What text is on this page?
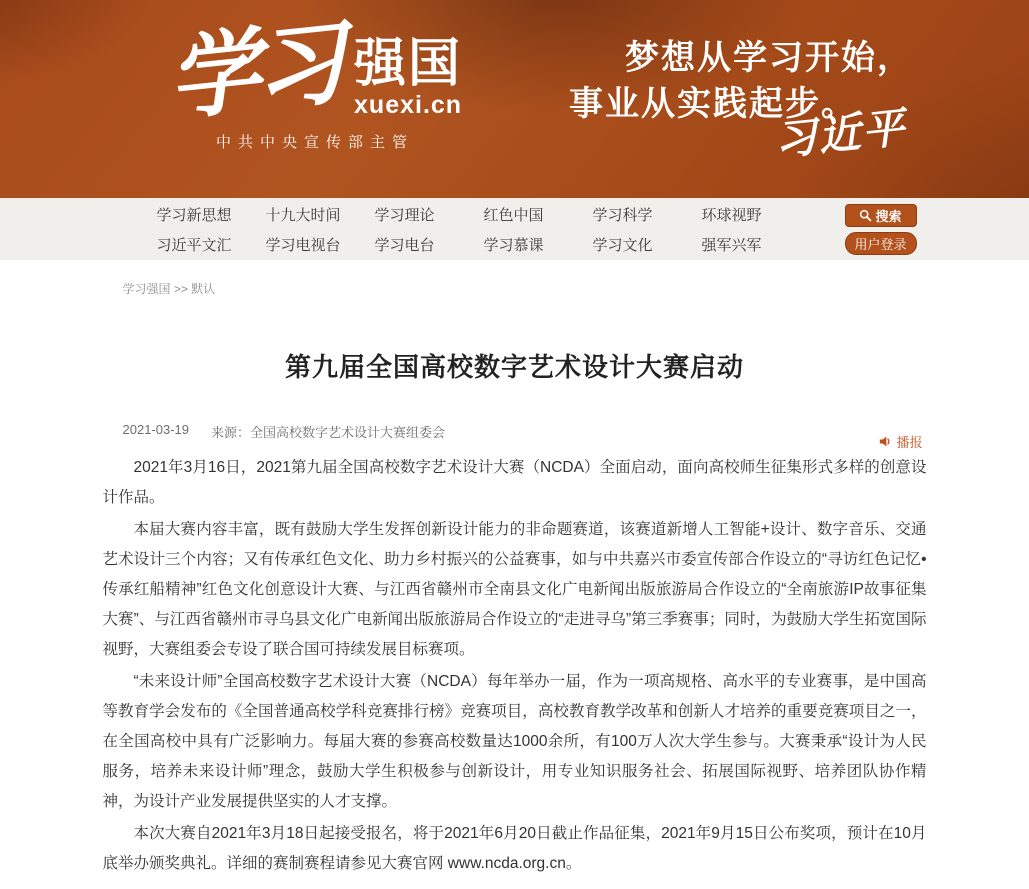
学习 强国
xuexi.cn
中共中央宣传部主管
梦想从学习开始，
事业从实践起步。
习近平
学习新思想	十九大时间	学习理论	红色中国	学习科学	环球视野
习近平文汇	学习电视台	学习电台	学习慕课	学习文化	强军兴军
搜索
用户登录
学习强国 >> 默认
第九届全国高校数字艺术设计大赛启动
2021-03-19 来源：全国高校数字艺术设计大赛组委会
播报

2021年3月16日，2021第九届全国高校数字艺术设计大赛（NCDA）全面启动，面向高校师生征集形式多样的创意设计作品。

本届大赛内容丰富，既有鼓励大学生发挥创新设计能力的非命题赛道，该赛道新增人工智能+设计、数字音乐、交通艺术设计三个内容；又有传承红色文化、助力乡村振兴的公益赛事，如与中共嘉兴市委宣传部合作设立的“寻访红色记忆•传承红船精神”红色文化创意设计大赛、与江西省赣州市全南县文化广电新闻出版旅游局合作设立的“全南旅游IP故事征集大赛”、与江西省赣州市寻乌县文化广电新闻出版旅游局合作设立的“走进寻乌”第三季赛事；同时，为鼓励大学生拓宽国际视野，大赛组委会专设了联合国可持续发展目标赛项。

“未来设计师”全国高校数字艺术设计大赛（NCDA）每年举办一届，作为一项高规格、高水平的专业赛事，是中国高等教育学会发布的《全国普通高校学科竞赛排行榜》竞赛项目，高校教育教学改革和创新人才培养的重要竞赛项目之一，在全国高校中具有广泛影响力。每届大赛的参赛高校数量达1000余所，有100万人次大学生参与。大赛秉承“设计为人民服务，培养未来设计师”理念，鼓励大学生积极参与创新设计，用专业知识服务社会、拓展国际视野、培养团队协作精神，为设计产业发展提供坚实的人才支撑。

本次大赛自2021年3月18日起接受报名，将于2021年6月20日截止作品征集，2021年9月15日公布奖项，预计在10月底举办颁奖典礼。详细的赛制赛程请参见大赛官网 www.ncda.org.cn。
